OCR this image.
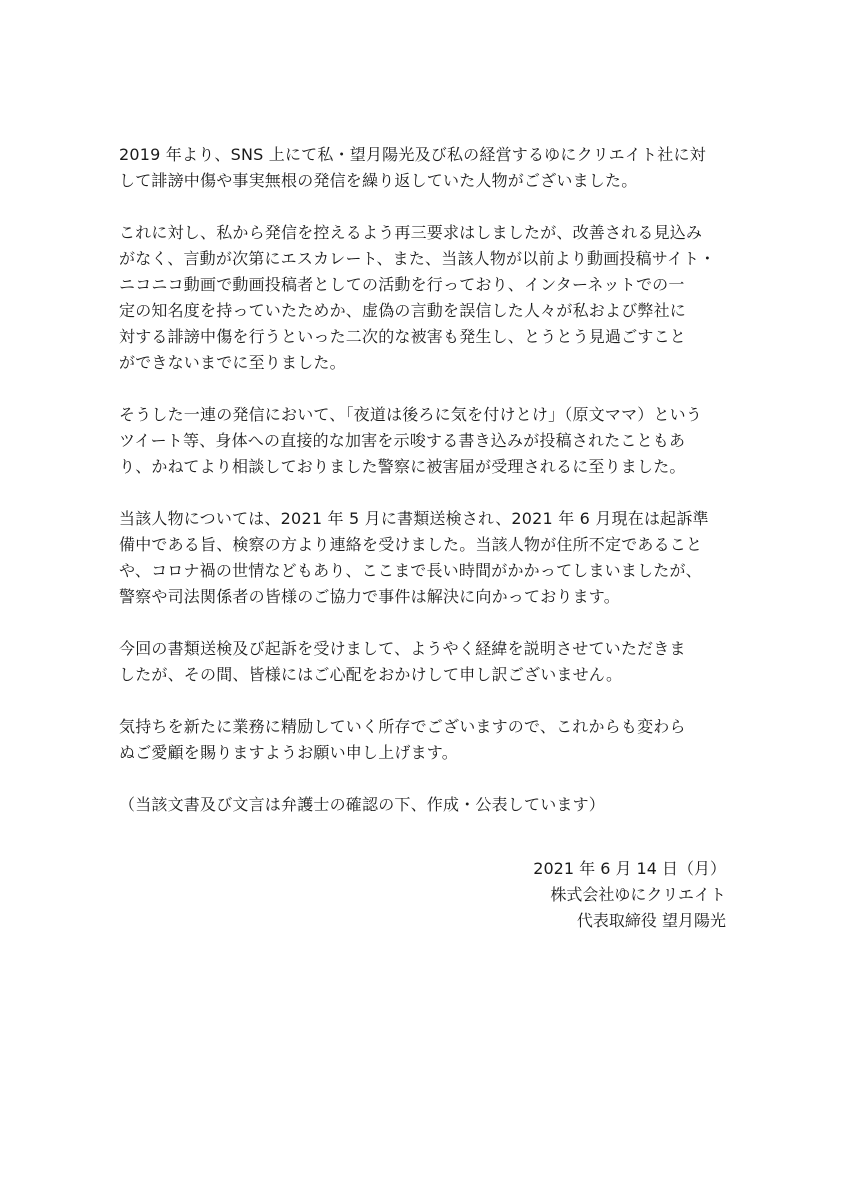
2019 年より、SNS 上にて私・望月陽光及び私の経営するゆにクリエイト社に対
して誹謗中傷や事実無根の発信を繰り返していた人物がございました。

これに対し、私から発信を控えるよう再三要求はしましたが、改善される見込み
がなく、言動が次第にエスカレート、また、当該人物が以前より動画投稿サイト・
ニコニコ動画で動画投稿者としての活動を行っており、インターネットでの一
定の知名度を持っていたためか、虚偽の言動を誤信した人々が私および弊社に
対する誹謗中傷を行うといった二次的な被害も発生し、とうとう見過ごすこと
ができないまでに至りました。

そうした一連の発信において、「夜道は後ろに気を付けとけ」（原文ママ）という
ツイート等、身体への直接的な加害を示唆する書き込みが投稿されたこともあ
り、かねてより相談しておりました警察に被害届が受理されるに至りました。

当該人物については、2021 年 5 月に書類送検され、2021 年 6 月現在は起訴準
備中である旨、検察の方より連絡を受けました。当該人物が住所不定であること
や、コロナ禍の世情などもあり、ここまで長い時間がかかってしまいましたが、
警察や司法関係者の皆様のご協力で事件は解決に向かっております。

今回の書類送検及び起訴を受けまして、ようやく経緯を説明させていただきま
したが、その間、皆様にはご心配をおかけして申し訳ございません。

気持ちを新たに業務に精励していく所存でございますので、これからも変わら
ぬご愛顧を賜りますようお願い申し上げます。

（当該文書及び文言は弁護士の確認の下、作成・公表しています）

2021 年 6 月 14 日（月）
株式会社ゆにクリエイト
代表取締役 望月陽光
